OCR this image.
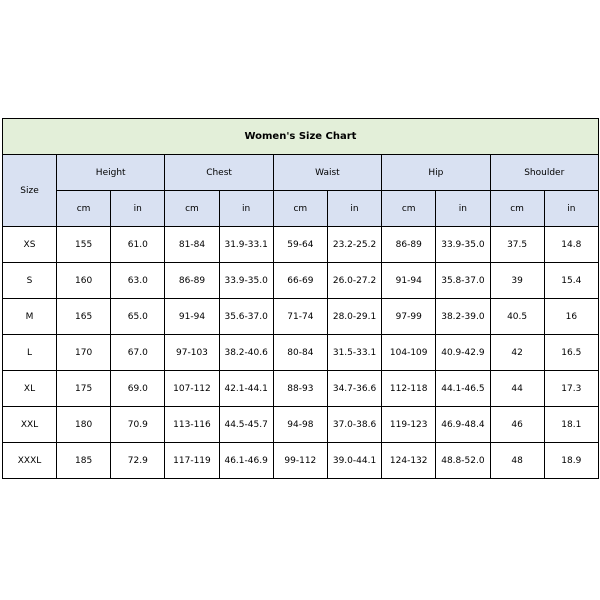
Women's Size Chart										
Size	Height		Chest		Waist		Hip		Shoulder	
	cm	in	cm	in	cm	in	cm	in	cm	in
XS	155	61.0	81-84	31.9-33.1	59-64	23.2-25.2	86-89	33.9-35.0	37.5	14.8
S	160	63.0	86-89	33.9-35.0	66-69	26.0-27.2	91-94	35.8-37.0	39	15.4
M	165	65.0	91-94	35.6-37.0	71-74	28.0-29.1	97-99	38.2-39.0	40.5	16
L	170	67.0	97-103	38.2-40.6	80-84	31.5-33.1	104-109	40.9-42.9	42	16.5
XL	175	69.0	107-112	42.1-44.1	88-93	34.7-36.6	112-118	44.1-46.5	44	17.3
XXL	180	70.9	113-116	44.5-45.7	94-98	37.0-38.6	119-123	46.9-48.4	46	18.1
XXXL	185	72.9	117-119	46.1-46.9	99-112	39.0-44.1	124-132	48.8-52.0	48	18.9
